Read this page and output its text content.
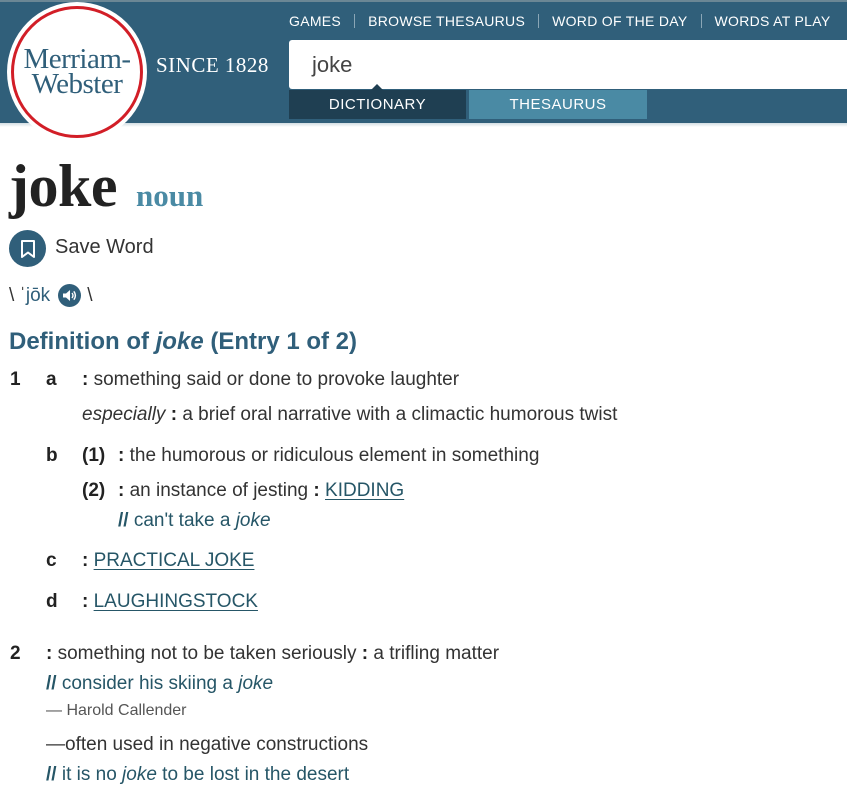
Merriam-
Webster
SINCE 1828
GAMES	BROWSE THESAURUS	WORD OF THE DAY	WORDS AT PLAY
joke
DICTIONARY	THESAURUS
joke noun
Save Word
\ ˈ jōk \
Definition of joke (Entry 1 of 2)
1 a : something said or done to provoke laughter
especially : a brief oral narrative with a climactic humorous twist
b (1) : the humorous or ridiculous element in something
(2) : an instance of jesting : KIDDING
// can't take a joke
c : PRACTICAL JOKE
d : LAUGHINGSTOCK
2 : something not to be taken seriously : a trifling matter
// consider his skiing a joke
— Harold Callender
—often used in negative constructions
// it is no joke to be lost in the desert
